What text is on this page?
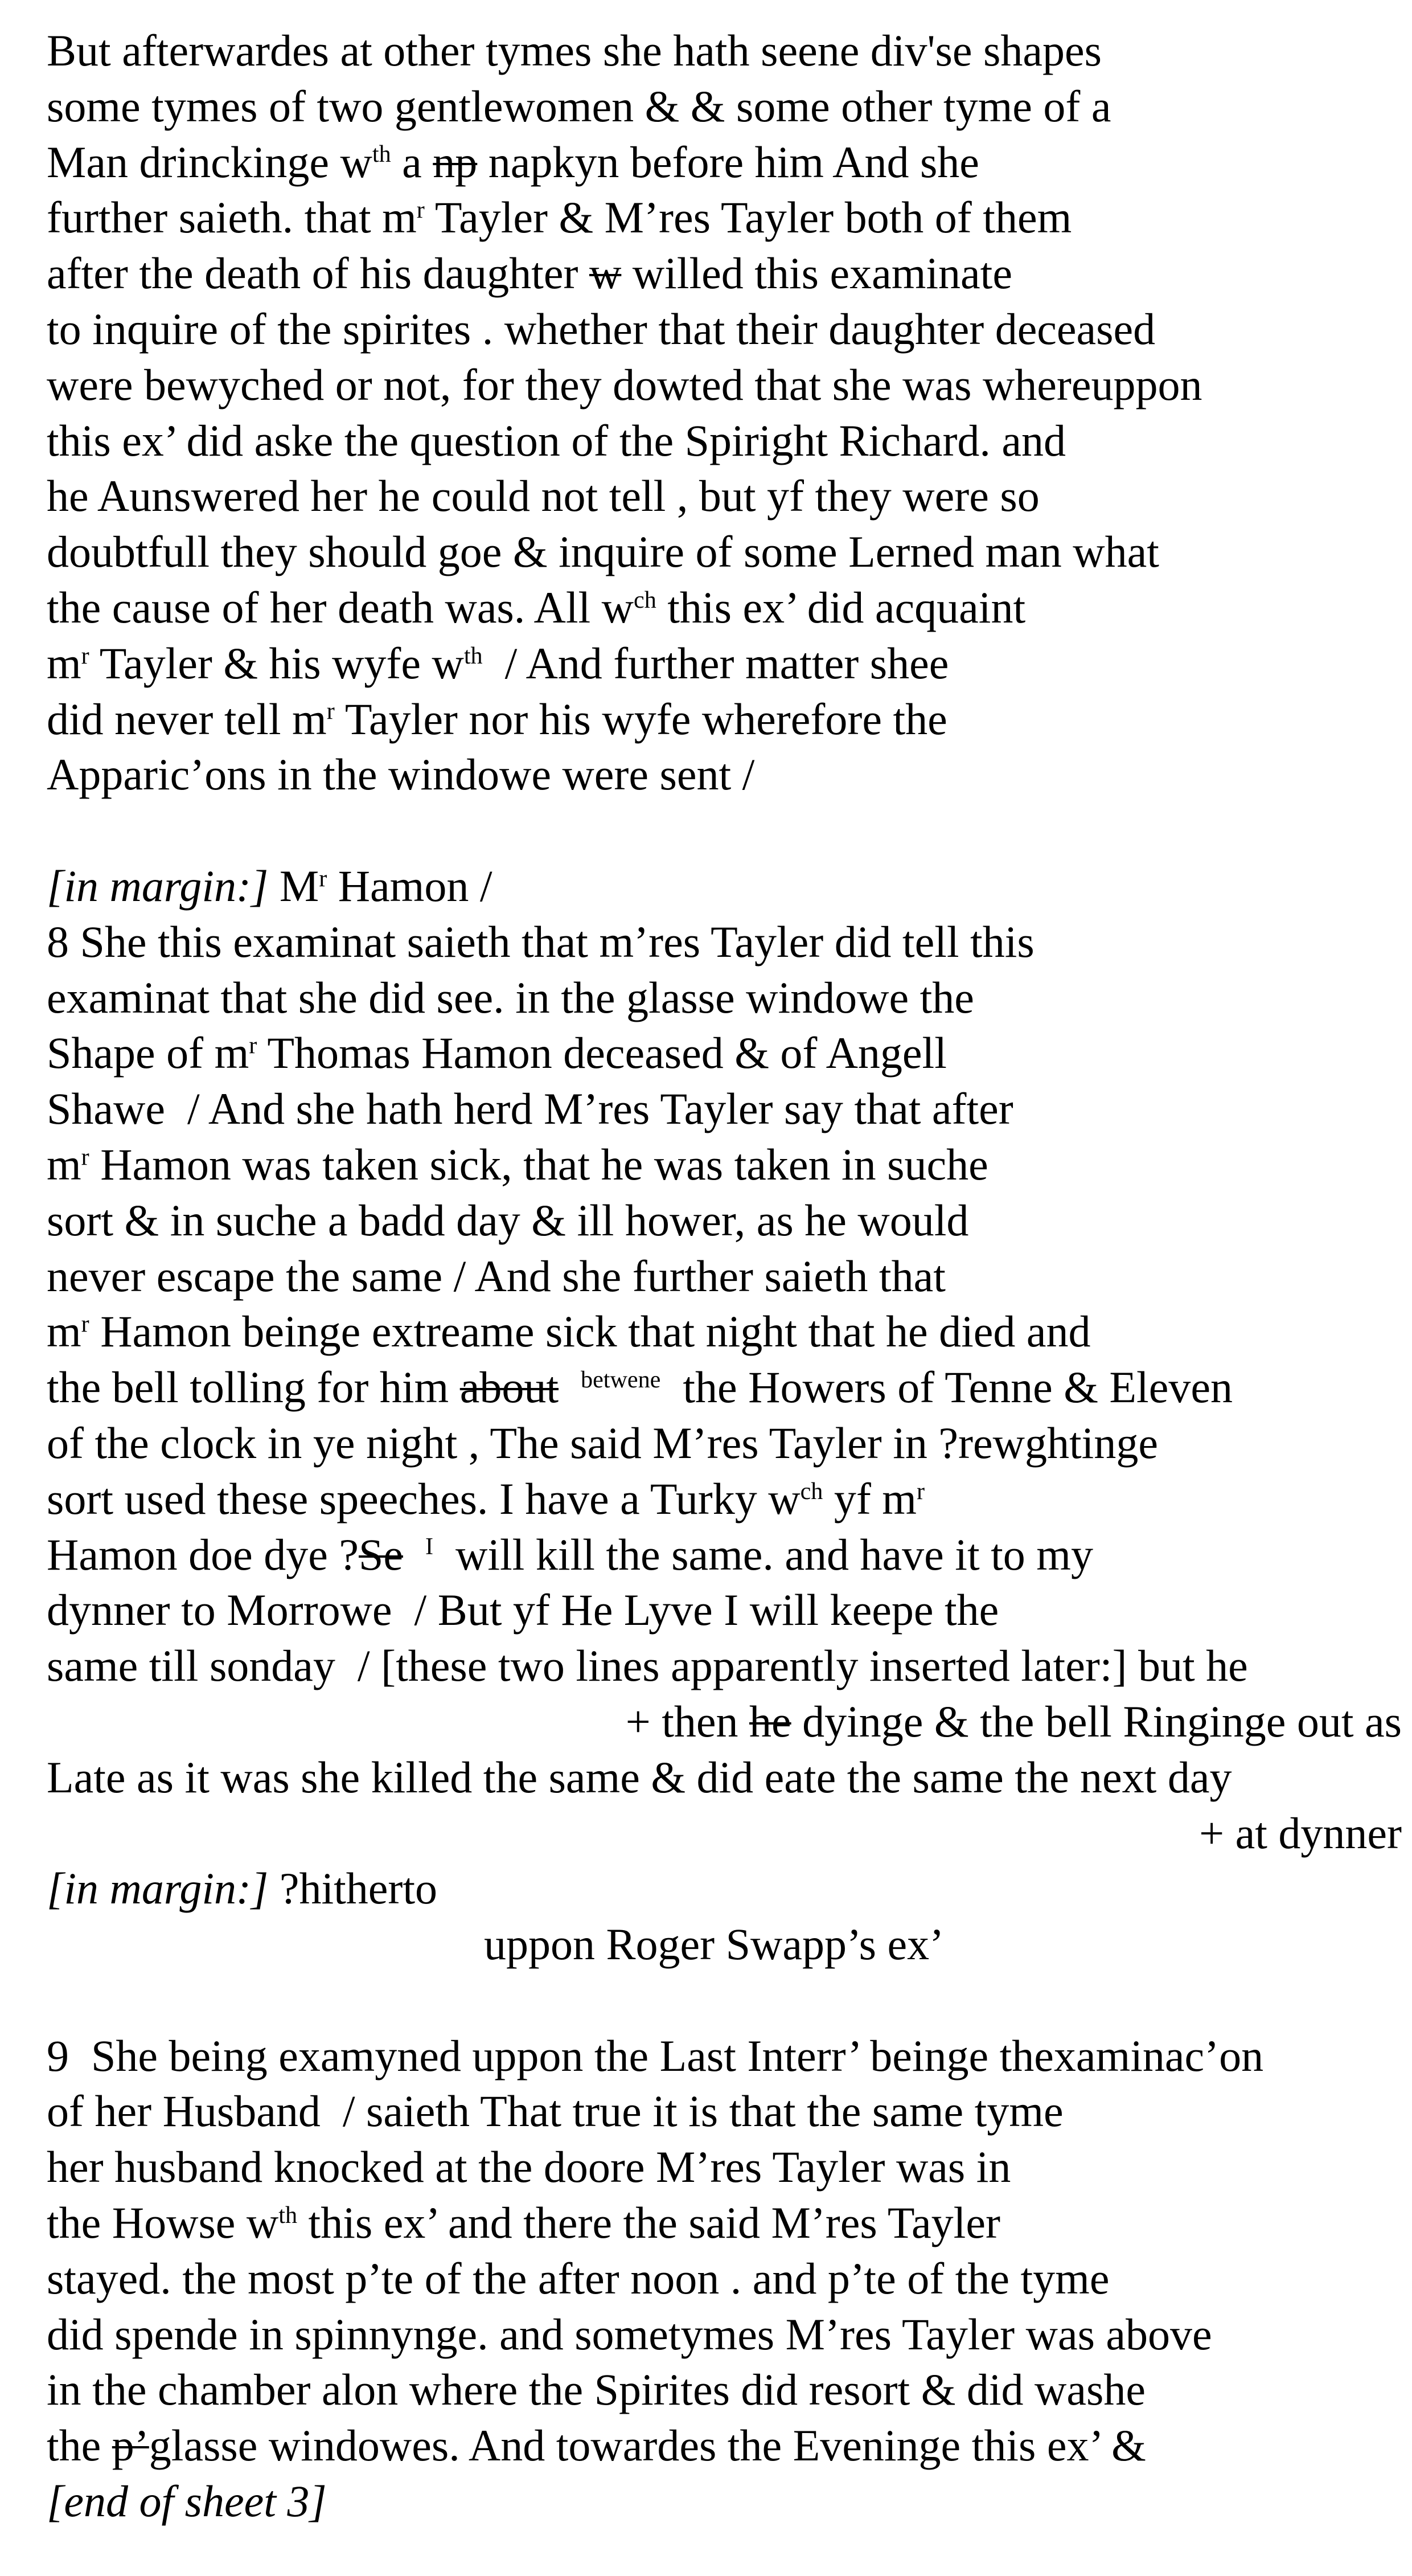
But afterwardes at other tymes she hath seene div'se shapes
some tymes of two gentlewomen & & some other tyme of a
Man drinckinge $w^{th}$ a np napkyn before him And she
further saieth. that $m^r$ Tayler & M’res Tayler both of them
after the death of his daughter w willed this examinate
to inquire of the spirites . whether that their daughter deceased
were bewyched or not, for they dowted that she was whereuppon
this ex’ did aske the question of the Spiright Richard. and
he Aunswered her he could not tell , but yf they were so
doubtfull they should goe & inquire of some Lerned man what
the cause of her death was. All $w^{ch}$ this ex’ did acquaint
$m^r$ Tayler & his wyfe $w^{th}$  / And further matter shee
did never tell $m^r$ Tayler nor his wyfe wherefore the
Apparic’ons in the windowe were sent /
[in margin:] $M^r$ Hamon /
8 She this examinat saieth that m’res Tayler did tell this
examinat that she did see. in the glasse windowe the
Shape of $m^r$ Thomas Hamon deceased & of Angell
Shawe  / And she hath herd M’res Tayler say that after
$m^r$ Hamon was taken sick, that he was taken in suche
sort & in suche a badd day & ill hower, as he would
never escape the same / And she further saieth that
$m^r$ Hamon beinge extreame sick that night that he died and
the bell tolling for him about $^{betwene}$  the Howers of Tenne & Eleven
of the clock in ye night , The said M’res Tayler in ?rewghtinge
sort used these speeches. I have a Turky $w^{ch}$ yf $m^r$
Hamon doe dye ?Se $^I$  will kill the same. and have it to my
dynner to Morrowe  / But yf He Lyve I will keepe the
same till sonday  / [these two lines apparently inserted later:] but he
+ then he dyinge & the bell Ringinge out as
Late as it was she killed the same & did eate the same the next day
+ at dynner
[in margin:] ?hitherto
uppon Roger Swapp’s ex’
9  She being examyned uppon the Last Interr’ beinge thexaminac’on
of her Husband  / saieth That true it is that the same tyme
her husband knocked at the doore M’res Tayler was in
the Howse $w^{th}$ this ex’ and there the said M’res Tayler
stayed. the most p’te of the after noon . and p’te of the tyme
did spende in spinnynge. and sometymes M’res Tayler was above
in the chamber alon where the Spirites did resort & did washe
the p’glasse windowes. And towardes the Eveninge this ex’ &
[end of sheet 3]
